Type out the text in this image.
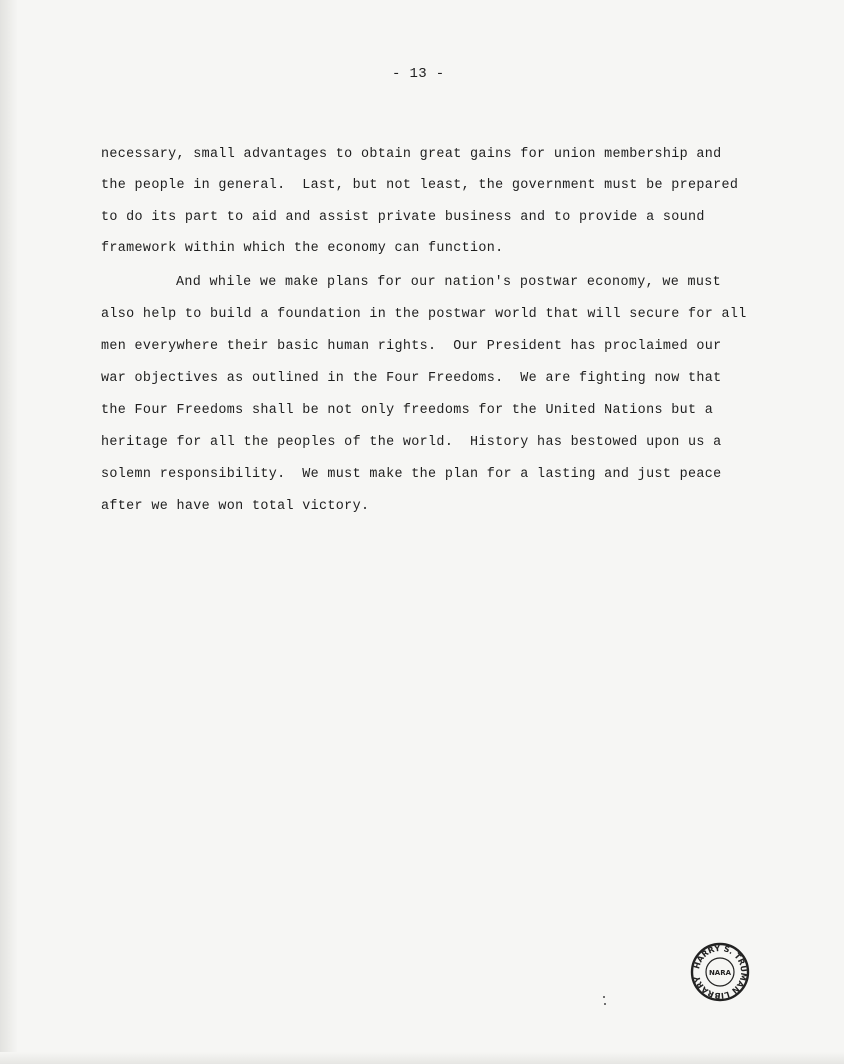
- 13 -
necessary, small advantages to obtain great gains for union membership and
the people in general.  Last, but not least, the government must be prepared
to do its part to aid and assist private business and to provide a sound
framework within which the economy can function.
And while we make plans for our nation's postwar economy, we must
also help to build a foundation in the postwar world that will secure for all
men everywhere their basic human rights.  Our President has proclaimed our
war objectives as outlined in the Four Freedoms.  We are fighting now that
the Four Freedoms shall be not only freedoms for the United Nations but a
heritage for all the peoples of the world.  History has bestowed upon us a
solemn responsibility.  We must make the plan for a lasting and just peace
after we have won total victory.
HARRY S. TRUMAN LIBRARY
NARA
